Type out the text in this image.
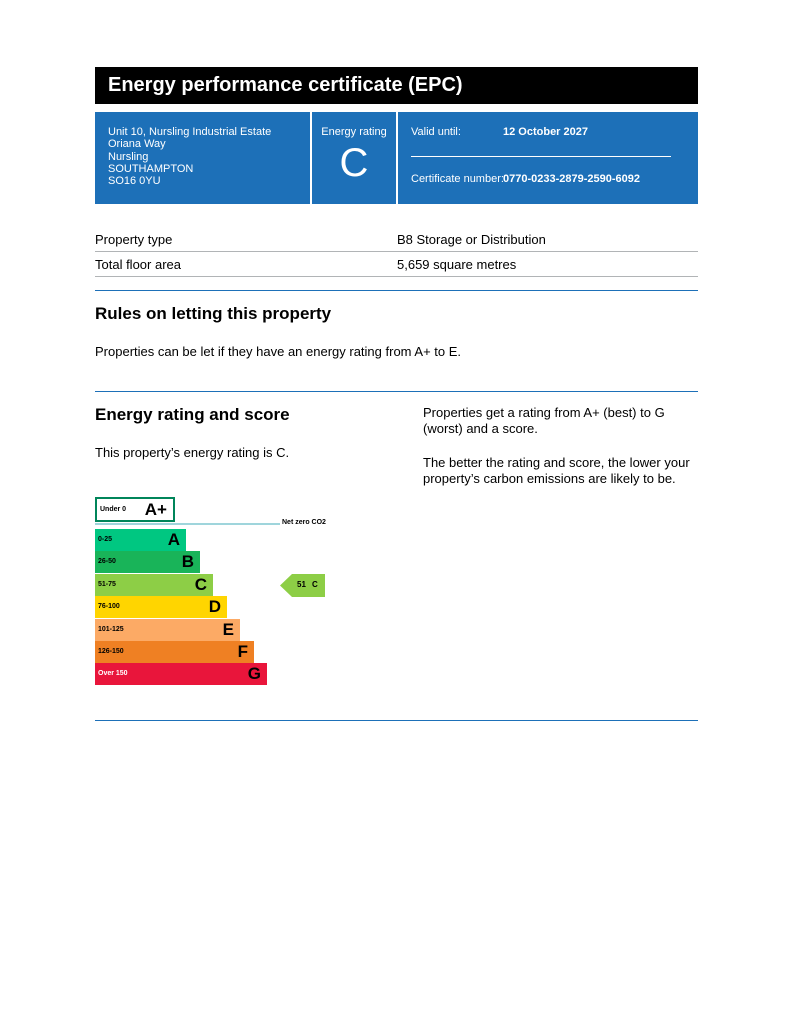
Energy performance certificate (EPC)
Unit 10, Nursling Industrial Estate
Oriana Way
Nursling
SOUTHAMPTON
SO16 0YU
Energy rating
C
Valid until:	12 October 2027
Certificate number: 0770-0233-2879-2590-6092
Property type	B8 Storage or Distribution
Total floor area	5,659 square metres
Rules on letting this property

Properties can be let if they have an energy rating from A+ to E.

Energy rating and score

This property’s energy rating is C.

Properties get a rating from A+ (best) to G (worst) and a score.

The better the rating and score, the lower your property’s carbon emissions are likely to be.

Under 0 A+
Net zero CO2
0-25	A
26-50	B
51-75	C
76-100	D
101-125	E
126-150	F
Over 150	G
51 C
